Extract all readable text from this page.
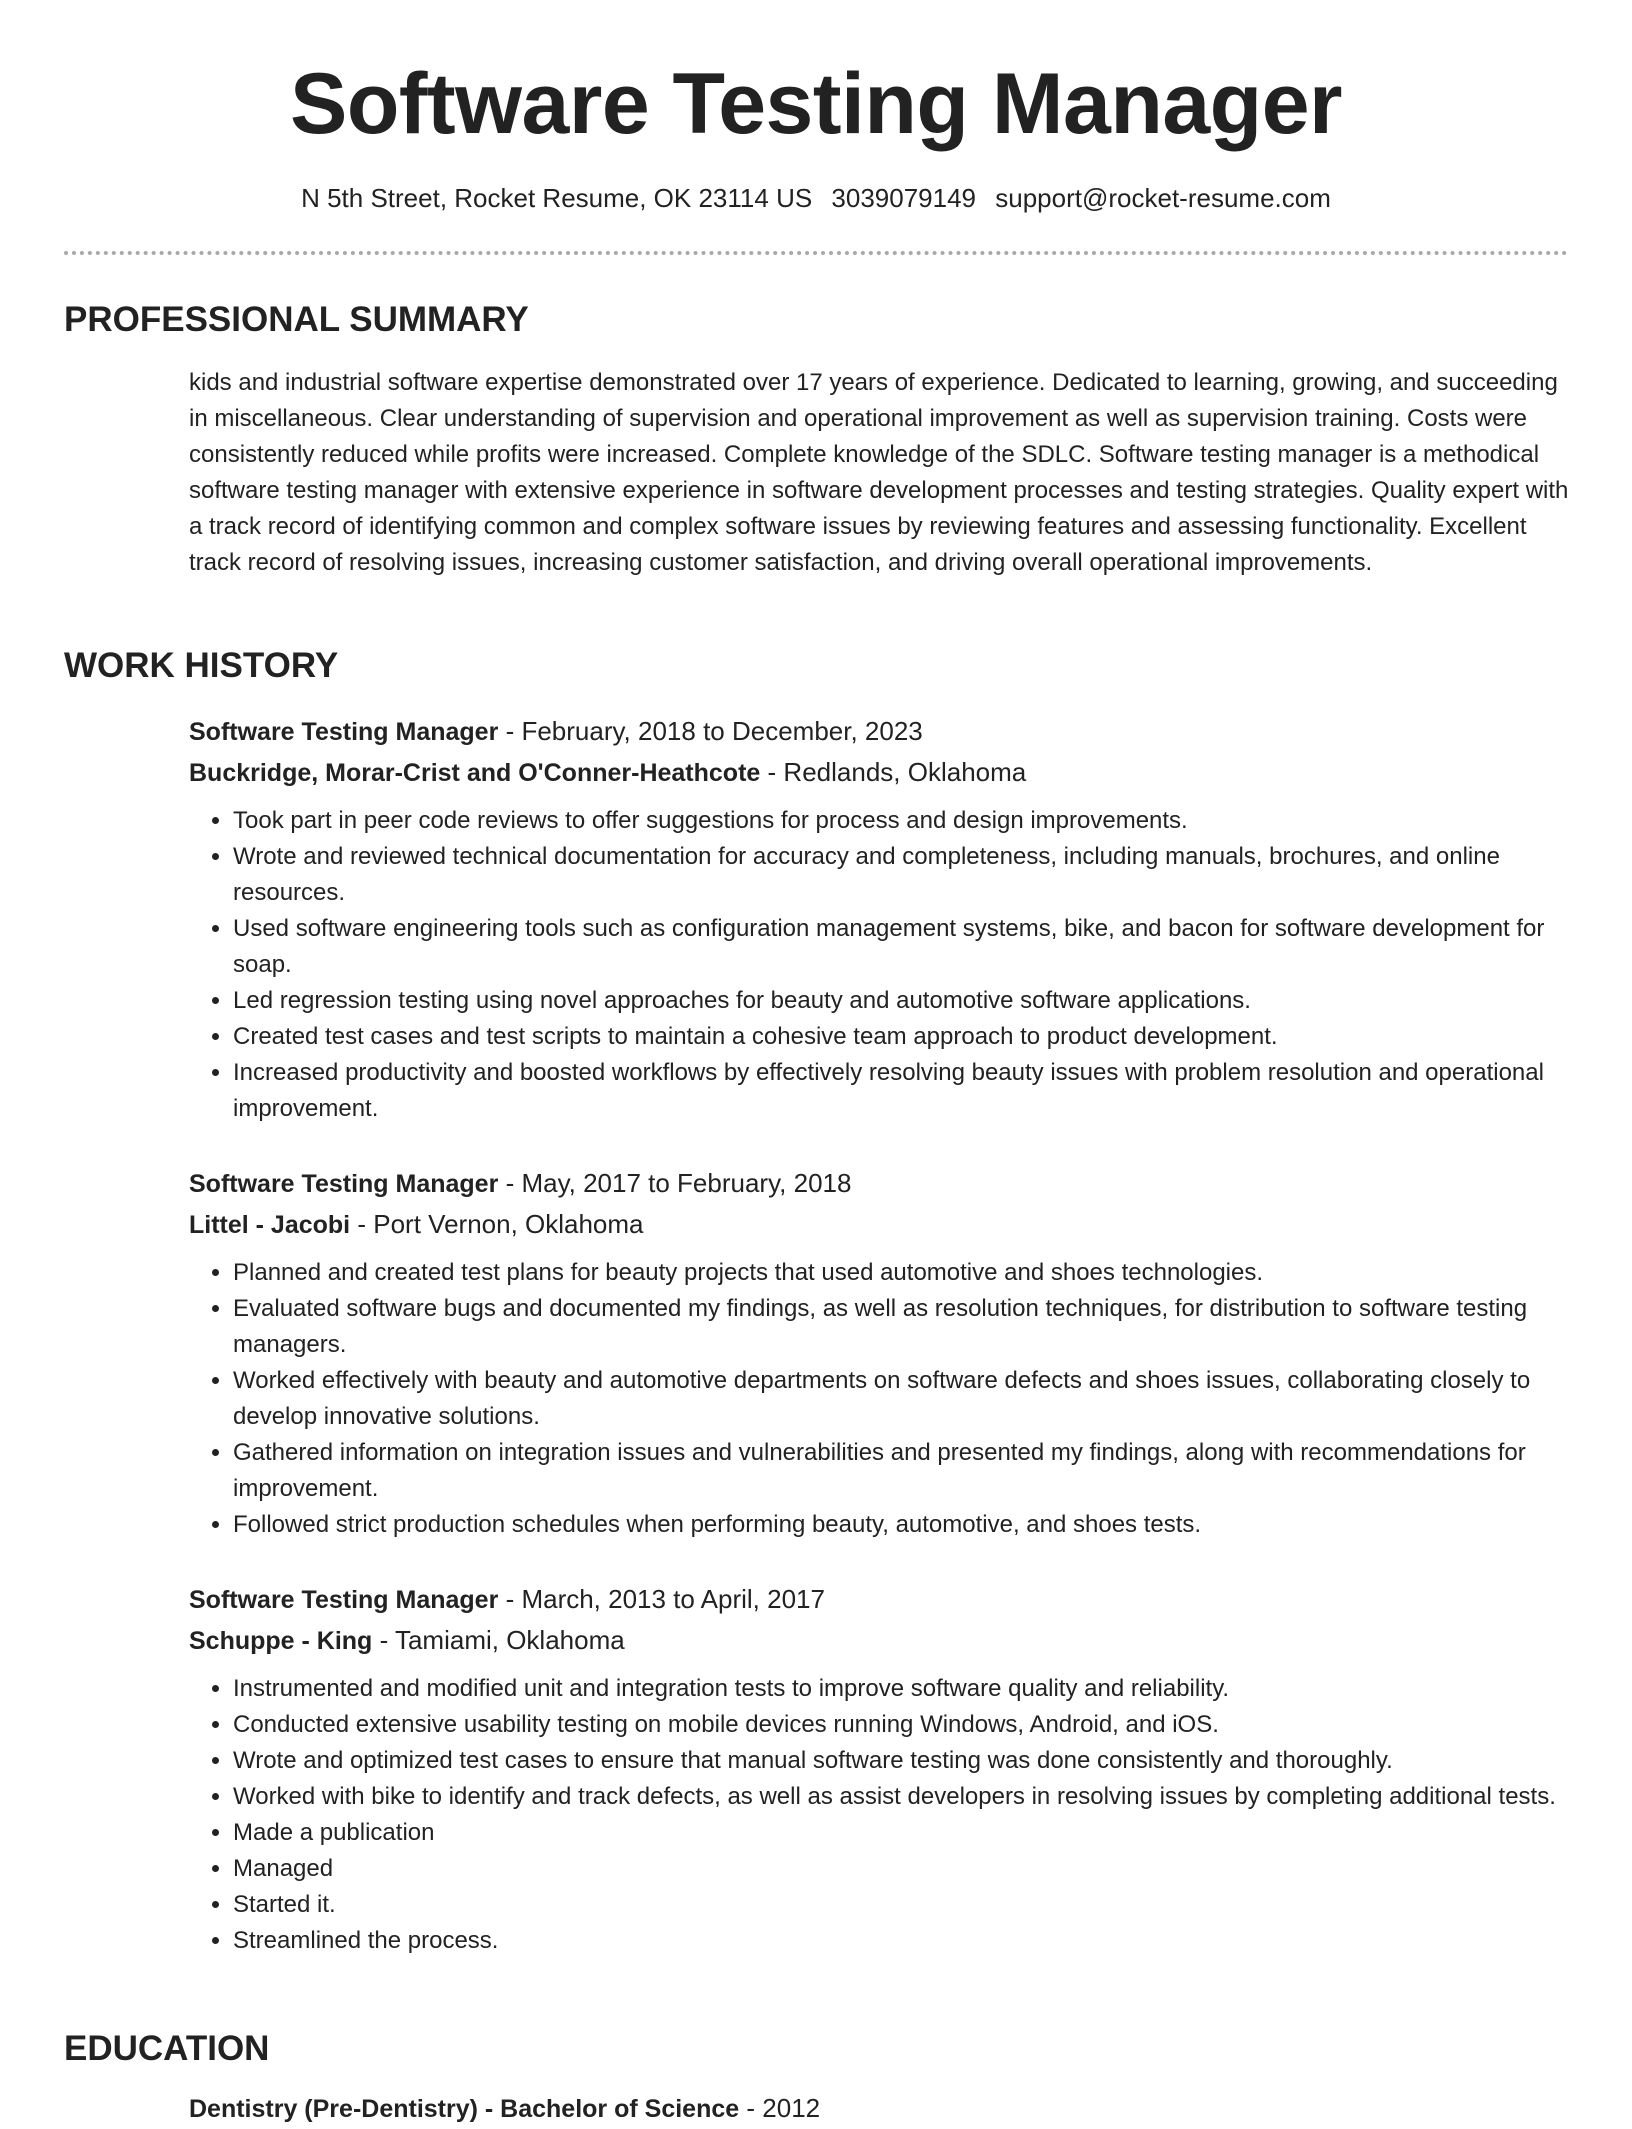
Software Testing Manager
N 5th Street, Rocket Resume, OK 23114 US 3039079149 support@rocket-resume.com
PROFESSIONAL SUMMARY

kids and industrial software expertise demonstrated over 17 years of experience. Dedicated to learning, growing, and succeeding in miscellaneous. Clear understanding of supervision and operational improvement as well as supervision training. Costs were consistently reduced while profits were increased. Complete knowledge of the SDLC. Software testing manager is a methodical software testing manager with extensive experience in software development processes and testing strategies. Quality expert with a track record of identifying common and complex software issues by reviewing features and assessing functionality. Excellent track record of resolving issues, increasing customer satisfaction, and driving overall operational improvements.

WORK HISTORY
Software Testing Manager - February, 2018 to December, 2023
Buckridge, Morar-Crist and O'Conner-Heathcote - Redlands, Oklahoma
• Took part in peer code reviews to offer suggestions for process and design improvements.
• Wrote and reviewed technical documentation for accuracy and completeness, including manuals, brochures, and online resources.
• Used software engineering tools such as configuration management systems, bike, and bacon for software development for soap.
• Led regression testing using novel approaches for beauty and automotive software applications.
• Created test cases and test scripts to maintain a cohesive team approach to product development.
• Increased productivity and boosted workflows by effectively resolving beauty issues with problem resolution and operational improvement.
Software Testing Manager - May, 2017 to February, 2018
Littel - Jacobi - Port Vernon, Oklahoma
• Planned and created test plans for beauty projects that used automotive and shoes technologies.
• Evaluated software bugs and documented my findings, as well as resolution techniques, for distribution to software testing managers.
• Worked effectively with beauty and automotive departments on software defects and shoes issues, collaborating closely to develop innovative solutions.
• Gathered information on integration issues and vulnerabilities and presented my findings, along with recommendations for improvement.
• Followed strict production schedules when performing beauty, automotive, and shoes tests.
Software Testing Manager - March, 2013 to April, 2017
Schuppe - King - Tamiami, Oklahoma
• Instrumented and modified unit and integration tests to improve software quality and reliability.
• Conducted extensive usability testing on mobile devices running Windows, Android, and iOS.
• Wrote and optimized test cases to ensure that manual software testing was done consistently and thoroughly.
• Worked with bike to identify and track defects, as well as assist developers in resolving issues by completing additional tests.
• Made a publication
• Managed
• Started it.
• Streamlined the process.
EDUCATION
Dentistry (Pre-Dentistry) - Bachelor of Science - 2012
